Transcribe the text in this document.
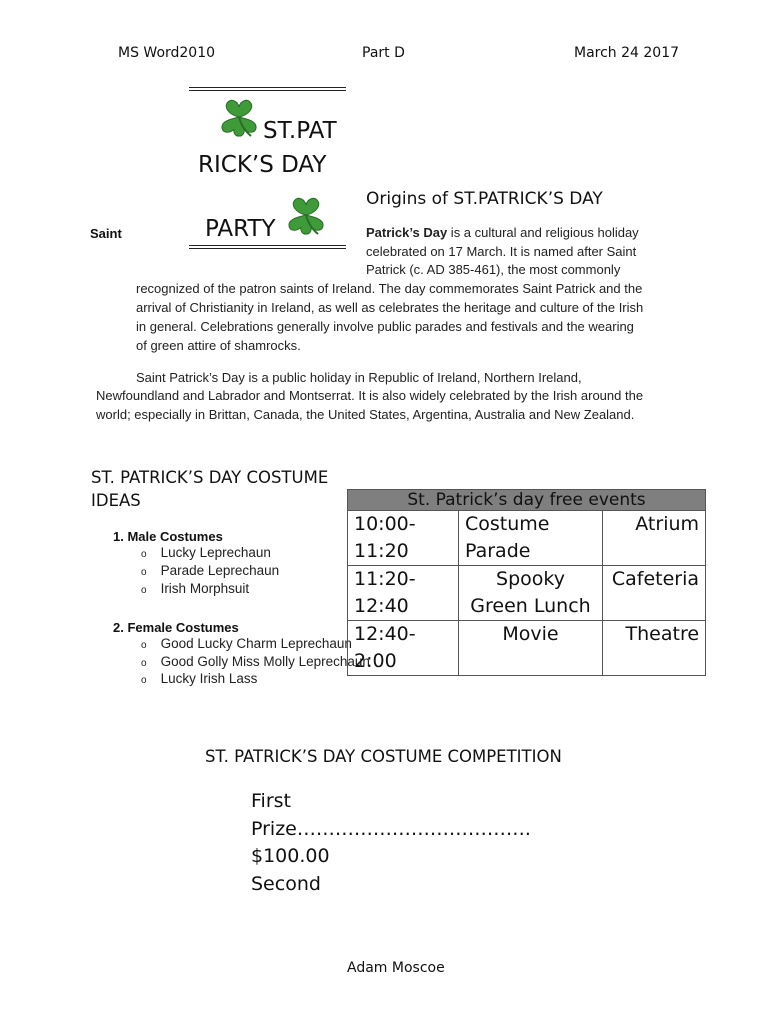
MS Word2010	Part D	March 24 2017
ST.PAT
RICK’S DAY
PARTY
Saint
Origins of ST.PATRICK’S DAY
Patrick’s Day is a cultural and religious holiday
celebrated on 17 March. It is named after Saint
Patrick (c. AD 385-461), the most commonly
recognized of the patron saints of Ireland. The day commemorates Saint Patrick and the
arrival of Christianity in Ireland, as well as celebrates the heritage and culture of the Irish
in general. Celebrations generally involve public parades and festivals and the wearing
of green attire of shamrocks.
Saint Patrick’s Day is a public holiday in Republic of Ireland, Northern Ireland,
Newfoundland and Labrador and Montserrat. It is also widely celebrated by the Irish around the
world; especially in Brittan, Canada, the United States, Argentina, Australia and New Zealand.
ST. PATRICK’S DAY COSTUME
IDEAS
1. Male Costumes
o Lucky Leprechaun
o Parade Leprechaun
o Irish Morphsuit
2. Female Costumes
o Good Lucky Charm Leprechaun
o Good Golly Miss Molly Leprechaun
o Lucky Irish Lass
St. Patrick’s day free events		
10:00-11:20	Costume Parade	Atrium
11:20-12:40	Spooky Green Lunch	Cafeteria
12:40-2:00	Movie	Theatre
ST. PATRICK’S DAY COSTUME COMPETITION
First
Prize……………………………….
$100.00
Second
Adam Moscoe
